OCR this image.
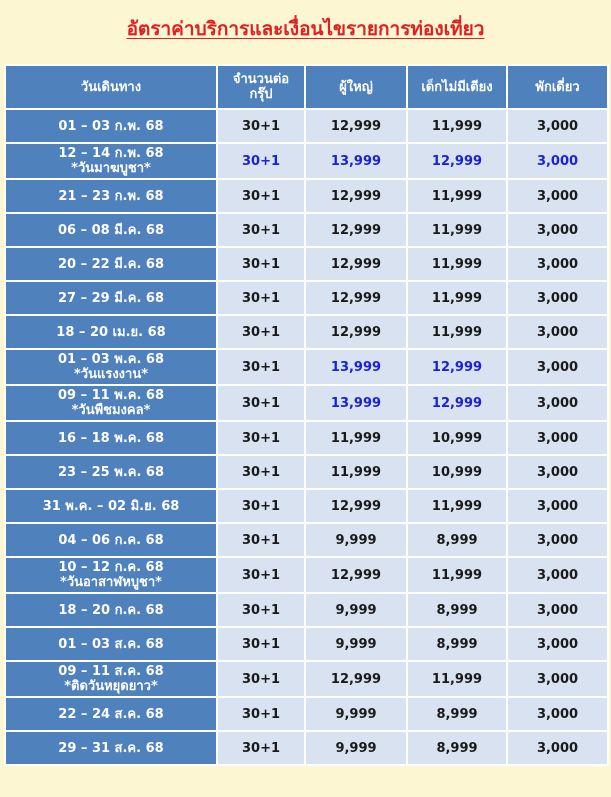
อัตราค่าบริการและเงื่อนไขรายการท่องเที่ยว
วันเดินทาง	จำนวนต่อ กรุ๊ป	ผู้ใหญ่	เด็กไม่มีเตียง	พักเดี่ยว

01 – 03 ก.พ. 68	30+1	12,999	11,999	3,000

12 – 14 ก.พ. 68
*วันมาฆบูชา*	30+1	13,999	12,999	3,000

21 – 23 ก.พ. 68	30+1	12,999	11,999	3,000

06 – 08 มี.ค. 68	30+1	12,999	11,999	3,000

20 – 22 มี.ค. 68	30+1	12,999	11,999	3,000

27 – 29 มี.ค. 68	30+1	12,999	11,999	3,000

18 – 20 เม.ย. 68	30+1	12,999	11,999	3,000

01 – 03 พ.ค. 68
*วันแรงงาน*	30+1	13,999	12,999	3,000

09 – 11 พ.ค. 68
*วันพืชมงคล*	30+1	13,999	12,999	3,000

16 – 18 พ.ค. 68	30+1	11,999	10,999	3,000

23 – 25 พ.ค. 68	30+1	11,999	10,999	3,000

31 พ.ค. – 02 มิ.ย. 68	30+1	12,999	11,999	3,000

04 – 06 ก.ค. 68	30+1	9,999	8,999	3,000

10 – 12 ก.ค. 68
*วันอาสาฬหบูชา*	30+1	12,999	11,999	3,000

18 – 20 ก.ค. 68	30+1	9,999	8,999	3,000

01 – 03 ส.ค. 68	30+1	9,999	8,999	3,000

09 – 11 ส.ค. 68
*ติดวันหยุดยาว*	30+1	12,999	11,999	3,000

22 – 24 ส.ค. 68	30+1	9,999	8,999	3,000

29 – 31 ส.ค. 68	30+1	9,999	8,999	3,000
